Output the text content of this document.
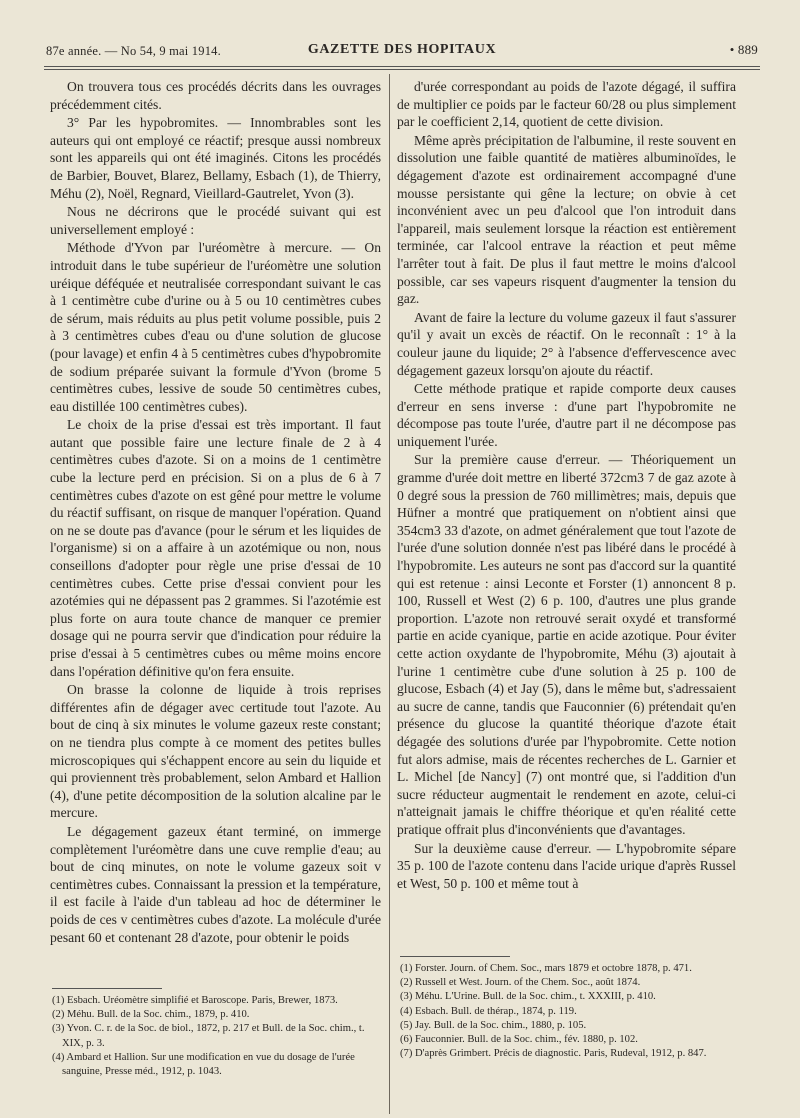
87e année. — No 54, 9 mai 1914.	GAZETTE DES HOPITAUX	• 889

On trouvera tous ces procédés décrits dans les ouvrages précédemment cités.

3° Par les hypobromites. — Innombrables sont les auteurs qui ont employé ce réactif; presque aussi nombreux sont les appareils qui ont été imaginés. Citons les procédés de Barbier, Bouvet, Blarez, Bellamy, Esbach (1), de Thierry, Méhu (2), Noël, Regnard, Vieillard-Gautrelet, Yvon (3).

Nous ne décrirons que le procédé suivant qui est universellement employé :

Méthode d'Yvon par l'uréomètre à mercure. — On introduit dans le tube supérieur de l'uréomètre une solution uréique déféquée et neutralisée correspondant suivant le cas à 1 centimètre cube d'urine ou à 5 ou 10 centimètres cubes de sérum, mais réduits au plus petit volume possible, puis 2 à 3 centimètres cubes d'eau ou d'une solution de glucose (pour lavage) et enfin 4 à 5 centimètres cubes d'hypobromite de sodium préparée suivant la formule d'Yvon (brome 5 centimètres cubes, lessive de soude 50 centimètres cubes, eau distillée 100 centimètres cubes).

Le choix de la prise d'essai est très important. Il faut autant que possible faire une lecture finale de 2 à 4 centimètres cubes d'azote. Si on a moins de 1 centimètre cube la lecture perd en précision. Si on a plus de 6 à 7 centimètres cubes d'azote on est gêné pour mettre le volume du réactif suffisant, on risque de manquer l'opération. Quand on ne se doute pas d'avance (pour le sérum et les liquides de l'organisme) si on a affaire à un azotémique ou non, nous conseillons d'adopter pour règle une prise d'essai de 10 centimètres cubes. Cette prise d'essai convient pour les azotémies qui ne dépassent pas 2 grammes. Si l'azotémie est plus forte on aura toute chance de manquer ce premier dosage qui ne pourra servir que d'indication pour réduire la prise d'essai à 5 centimètres cubes ou même moins encore dans l'opération définitive qu'on fera ensuite.

On brasse la colonne de liquide à trois reprises différentes afin de dégager avec certitude tout l'azote. Au bout de cinq à six minutes le volume gazeux reste constant; on ne tiendra plus compte à ce moment des petites bulles microscopiques qui s'échappent encore au sein du liquide et qui proviennent très probablement, selon Ambard et Hallion (4), d'une petite décomposition de la solution alcaline par le mercure.

Le dégagement gazeux étant terminé, on immerge complètement l'uréomètre dans une cuve remplie d'eau; au bout de cinq minutes, on note le volume gazeux soit v centimètres cubes. Connaissant la pression et la température, il est facile à l'aide d'un tableau ad hoc de déterminer le poids de ces v centimètres cubes d'azote. La molécule d'urée pesant 60 et contenant 28 d'azote, pour obtenir le poids

d'urée correspondant au poids de l'azote dégagé, il suffira de multiplier ce poids par le facteur 60/28 ou plus simplement par le coefficient 2,14, quotient de cette division.

Même après précipitation de l'albumine, il reste souvent en dissolution une faible quantité de matières albuminoïdes, le dégagement d'azote est ordinairement accompagné d'une mousse persistante qui gêne la lecture; on obvie à cet inconvénient avec un peu d'alcool que l'on introduit dans l'appareil, mais seulement lorsque la réaction est entièrement terminée, car l'alcool entrave la réaction et peut même l'arrêter tout à fait. De plus il faut mettre le moins d'alcool possible, car ses vapeurs risquent d'augmenter la tension du gaz.

Avant de faire la lecture du volume gazeux il faut s'assurer qu'il y avait un excès de réactif. On le reconnaît : 1° à la couleur jaune du liquide; 2° à l'absence d'effervescence avec dégagement gazeux lorsqu'on ajoute du réactif.

Cette méthode pratique et rapide comporte deux causes d'erreur en sens inverse : d'une part l'hypobromite ne décompose pas toute l'urée, d'autre part il ne décompose pas uniquement l'urée.

Sur la première cause d'erreur. — Théoriquement un gramme d'urée doit mettre en liberté 372cm3 7 de gaz azote à 0 degré sous la pression de 760 millimètres; mais, depuis que Hüfner a montré que pratiquement on n'obtient ainsi que 354cm3 33 d'azote, on admet généralement que tout l'azote de l'urée d'une solution donnée n'est pas libéré dans le procédé à l'hypobromite. Les auteurs ne sont pas d'accord sur la quantité qui est retenue : ainsi Leconte et Forster (1) annoncent 8 p. 100, Russell et West (2) 6 p. 100, d'autres une plus grande proportion. L'azote non retrouvé serait oxydé et transformé partie en acide cyanique, partie en acide azotique. Pour éviter cette action oxydante de l'hypobromite, Méhu (3) ajoutait à l'urine 1 centimètre cube d'une solution à 25 p. 100 de glucose, Esbach (4) et Jay (5), dans le même but, s'adressaient au sucre de canne, tandis que Fauconnier (6) prétendait qu'en présence du glucose la quantité théorique d'azote était dégagée des solutions d'urée par l'hypobromite. Cette notion fut alors admise, mais de récentes recherches de L. Garnier et L. Michel [de Nancy] (7) ont montré que, si l'addition d'un sucre réducteur augmentait le rendement en azote, celui-ci n'atteignait jamais le chiffre théorique et qu'en réalité cette pratique offrait plus d'inconvénients que d'avantages.

Sur la deuxième cause d'erreur. — L'hypobromite sépare 35 p. 100 de l'azote contenu dans l'acide urique d'après Russel et West, 50 p. 100 et même tout à

(1) Esbach. Uréomètre simplifié et Baroscope. Paris, Brewer, 1873.
(2) Méhu. Bull. de la Soc. chim., 1879, p. 410.
(3) Yvon. C. r. de la Soc. de biol., 1872, p. 217 et Bull. de la Soc. chim., t. XIX, p. 3.
(4) Ambard et Hallion. Sur une modification en vue du dosage de l'urée sanguine, Presse méd., 1912, p. 1043.
(1) Forster. Journ. of Chem. Soc., mars 1879 et octobre 1878, p. 471.
(2) Russell et West. Journ. of the Chem. Soc., août 1874.
(3) Méhu. L'Urine. Bull. de la Soc. chim., t. XXXIII, p. 410.
(4) Esbach. Bull. de thérap., 1874, p. 119.
(5) Jay. Bull. de la Soc. chim., 1880, p. 105.
(6) Fauconnier. Bull. de la Soc. chim., fév. 1880, p. 102.
(7) D'après Grimbert. Précis de diagnostic. Paris, Rudeval, 1912, p. 847.
